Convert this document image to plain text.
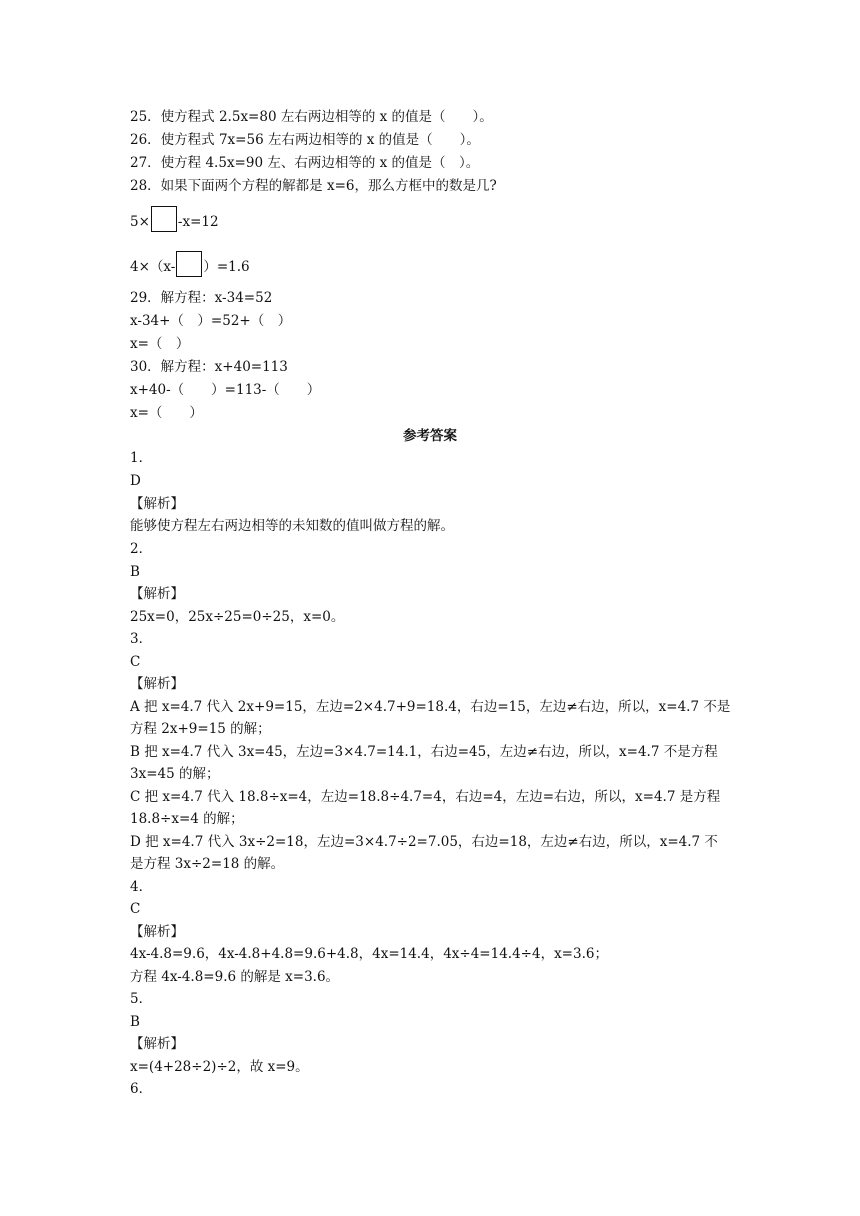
25．使方程式 2.5x=80 左右两边相等的 x 的值是（　　）。
26．使方程式 7x=56 左右两边相等的 x 的值是（　　）。
27．使方程 4.5x=90 左、右两边相等的 x 的值是（　）。
28．如果下面两个方程的解都是 x=6，那么方框中的数是几?
5× -x=12
4×（x- ）=1.6
29．解方程：x-34=52
x-34+（　）=52+（　）
x=（　）
30．解方程：x+40=113
x+40-（　　）=113-（　　）
x=（　　）
参考答案
1．
D
【解析】
能够使方程左右两边相等的未知数的值叫做方程的解。
2．
B
【解析】
25x=0，25x÷25=0÷25，x=0。
3．
C
【解析】
A 把 x=4.7 代入 2x+9=15，左边=2×4.7+9=18.4，右边=15，左边≠右边，所以，x=4.7 不是
方程 2x+9=15 的解；
B 把 x=4.7 代入 3x=45，左边=3×4.7=14.1，右边=45，左边≠右边，所以，x=4.7 不是方程
3x=45 的解；
C 把 x=4.7 代入 18.8÷x=4，左边=18.8÷4.7=4，右边=4，左边=右边，所以，x=4.7 是方程
18.8÷x=4 的解；
D 把 x=4.7 代入 3x÷2=18，左边=3×4.7÷2=7.05，右边=18，左边≠右边，所以，x=4.7 不
是方程 3x÷2=18 的解。
4．
C
【解析】
4x-4.8=9.6，4x-4.8+4.8=9.6+4.8，4x=14.4，4x÷4=14.4÷4，x=3.6；
方程 4x-4.8=9.6 的解是 x=3.6。
5．
B
【解析】
x=(4+28÷2)÷2，故 x=9。
6．
